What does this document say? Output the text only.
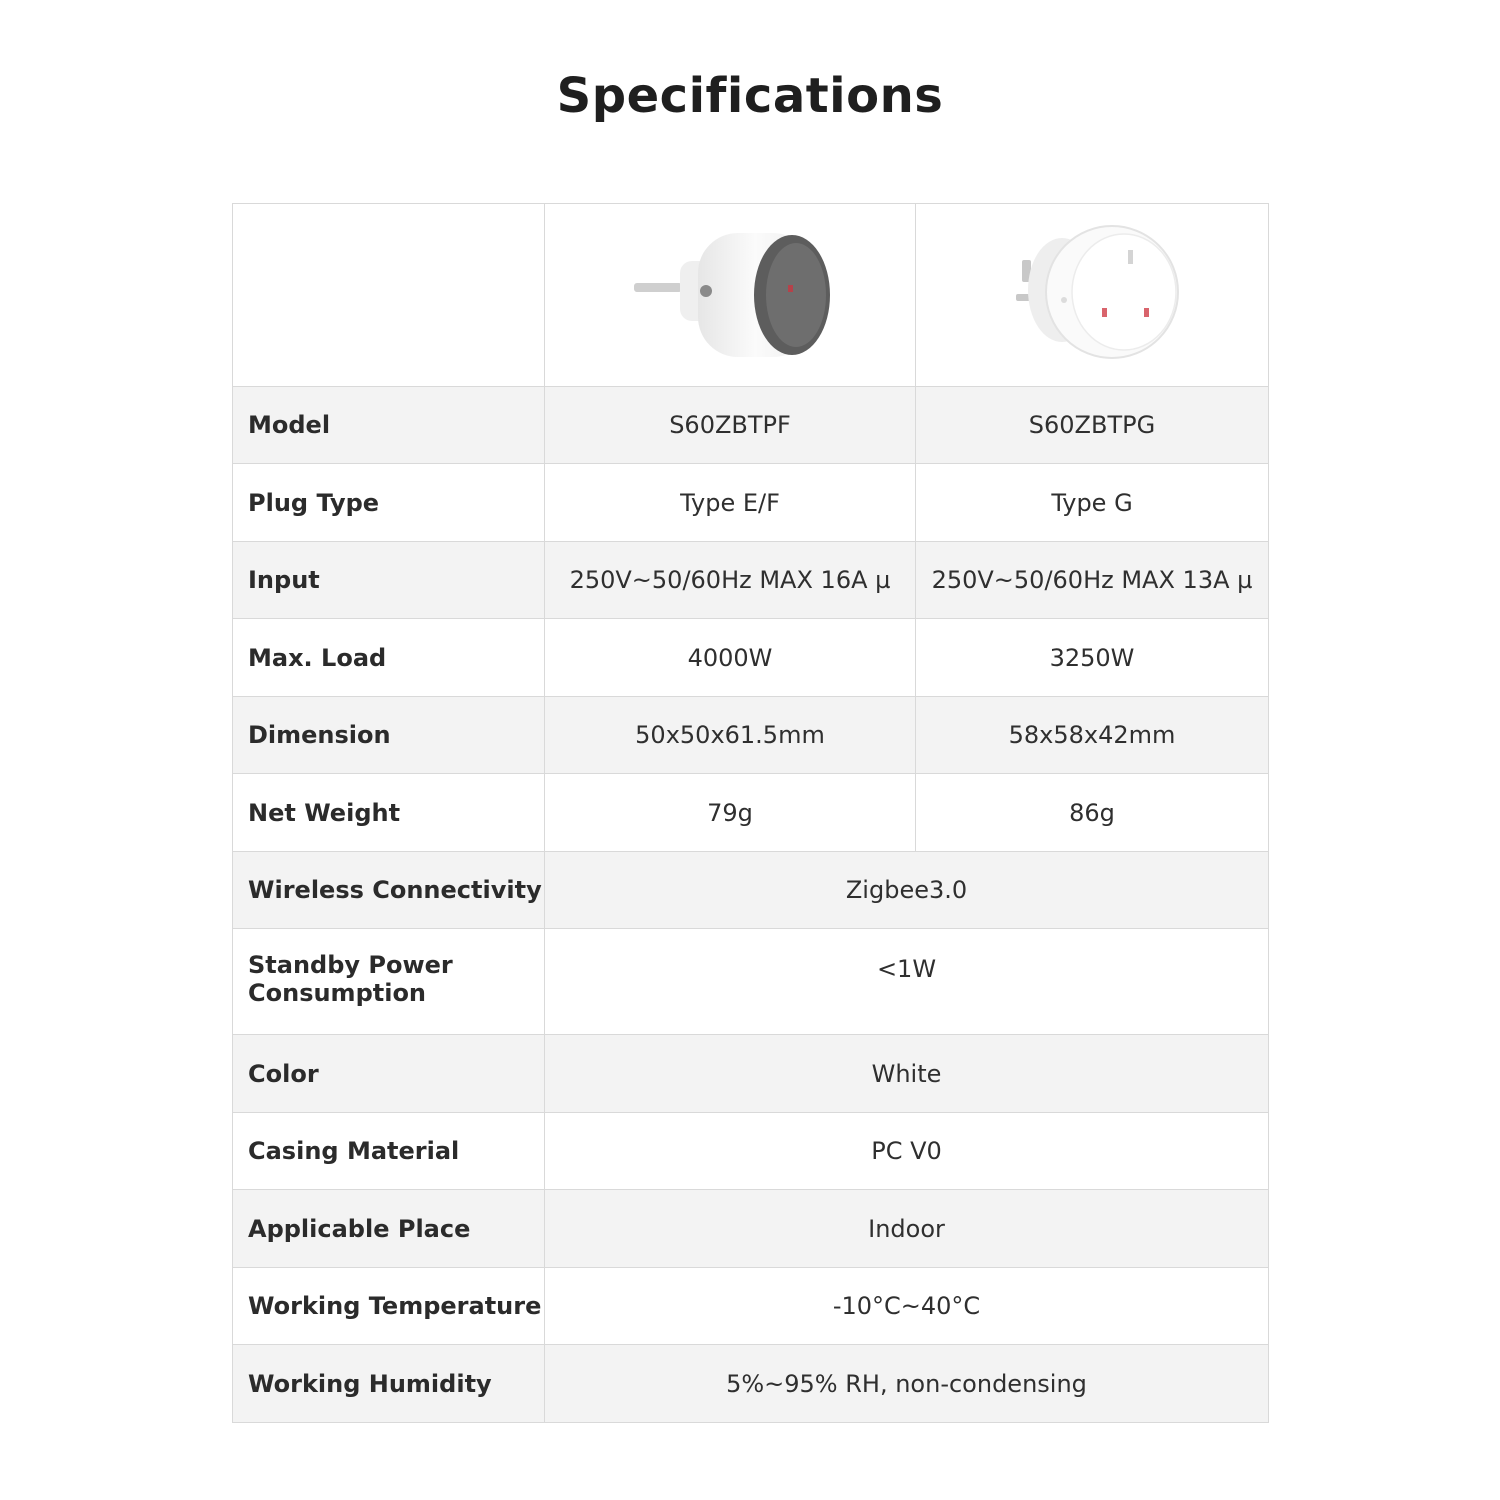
Specifications

Model	S60ZBTPF	S60ZBTPG
Plug Type	Type E/F	Type G
Input	250V~50/60Hz MAX 16A µ	250V~50/60Hz MAX 13A µ
Max. Load	4000W	3250W
Dimension	50x50x61.5mm	58x58x42mm
Net Weight	79g	86g
Wireless Connectivity	Zigbee3.0	
Standby Power Consumption	<1W	
Color	White	
Casing Material	PC V0	
Applicable Place	Indoor	
Working Temperature	-10°C~40°C	
Working Humidity	5%~95% RH, non-condensing	
